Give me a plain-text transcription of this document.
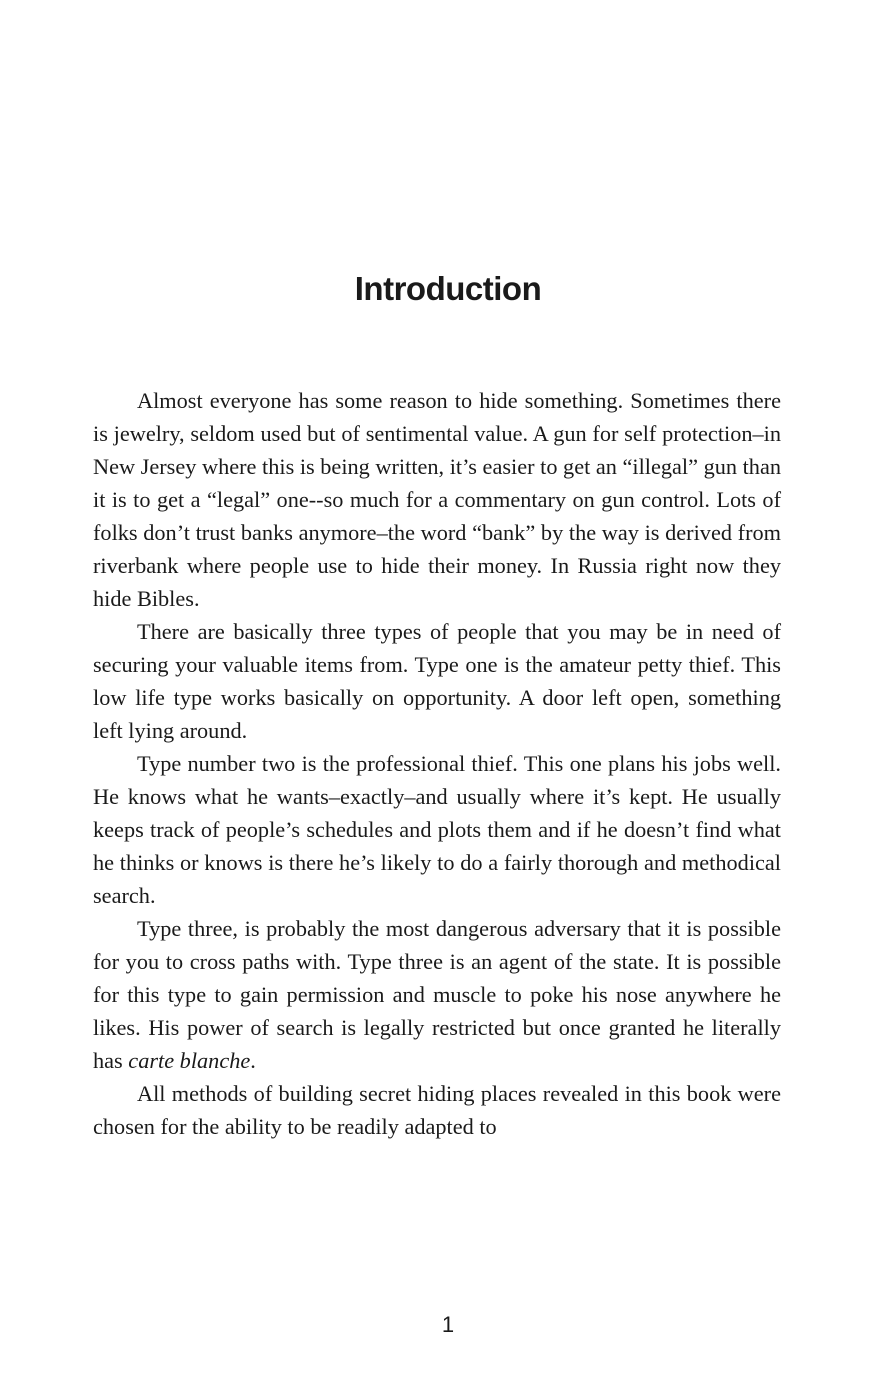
Introduction

Almost everyone has some reason to hide something. Sometimes there is jewelry, seldom used but of sentimental value. A gun for self protection–in New Jersey where this is being written, it’s easier to get an “illegal” gun than it is to get a “legal” one--so much for a commentary on gun control. Lots of folks don’t trust banks anymore–the word “bank” by the way is derived from riverbank where people use to hide their money. In Russia right now they hide Bibles.

There are basically three types of people that you may be in need of securing your valuable items from. Type one is the amateur petty thief. This low life type works basically on opportunity. A door left open, something left lying around.

Type number two is the professional thief. This one plans his jobs well. He knows what he wants–exactly–and usually where it’s kept. He usually keeps track of people’s schedules and plots them and if he doesn’t find what he thinks or knows is there he’s likely to do a fairly thorough and methodical search.

Type three, is probably the most dangerous adversary that it is possible for you to cross paths with. Type three is an agent of the state. It is possible for this type to gain permission and muscle to poke his nose anywhere he likes. His power of search is legally restricted but once granted he literally has carte blanche.

All methods of building secret hiding places revealed in this book were chosen for the ability to be readily adapted to

1
